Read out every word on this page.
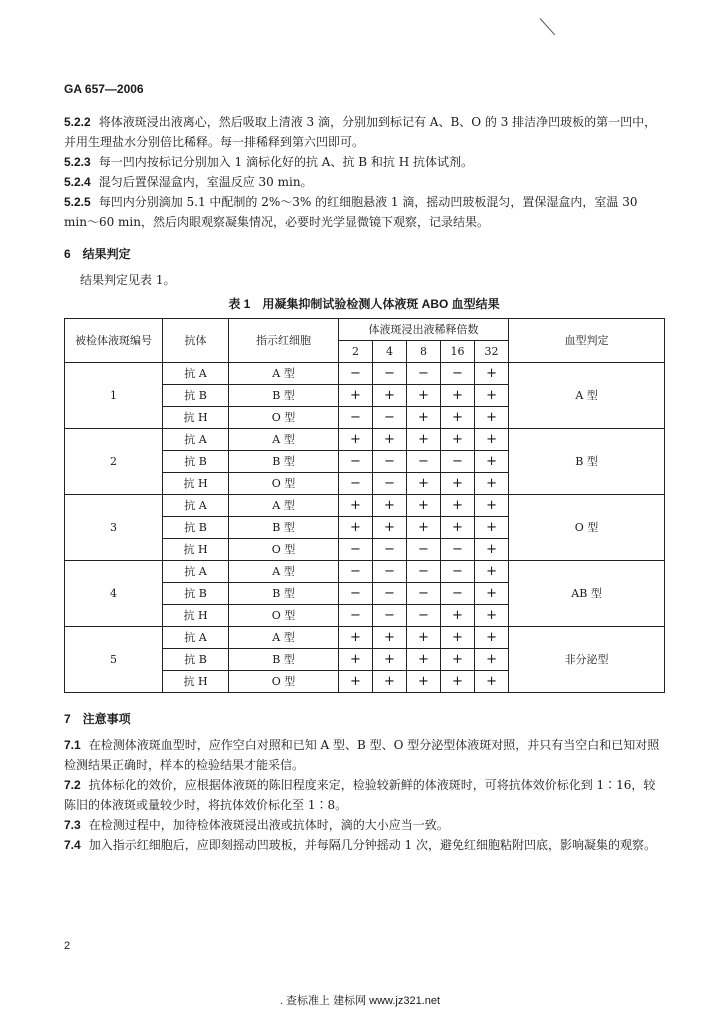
GA 657—2006

5.2.2 将体液斑浸出液离心，然后吸取上清液 3 滴，分别加到标记有 A、B、O 的 3 排洁净凹玻板的第一凹中，并用生理盐水分别倍比稀释。每一排稀释到第六凹即可。

5.2.3 每一凹内按标记分别加入 1 滴标化好的抗 A、抗 B 和抗 H 抗体试剂。

5.2.4 混匀后置保湿盒内，室温反应 30 min。

5.2.5 每凹内分别滴加 5.1 中配制的 2%～3% 的红细胞悬液 1 滴，摇动凹玻板混匀，置保湿盒内，室温 30 min～60 min，然后肉眼观察凝集情况，必要时光学显微镜下观察，记录结果。

6　结果判定

结果判定见表 1。

表 1　用凝集抑制试验检测人体液斑 ABO 血型结果
被检体液斑编号	抗体	指示红细胞	体液斑浸出液稀释倍数					血型判定
			2	4	8	16	32	
1	抗 A	A 型	−	−	−	−	+	A 型
	抗 B	B 型	+	+	+	+	+	
	抗 H	O 型	−	−	+	+	+	
2	抗 A	A 型	+	+	+	+	+	B 型
	抗 B	B 型	−	−	−	−	+	
	抗 H	O 型	−	−	+	+	+	
3	抗 A	A 型	+	+	+	+	+	O 型
	抗 B	B 型	+	+	+	+	+	
	抗 H	O 型	−	−	−	−	+	
4	抗 A	A 型	−	−	−	−	+	AB 型
	抗 B	B 型	−	−	−	−	+	
	抗 H	O 型	−	−	−	+	+	
5	抗 A	A 型	+	+	+	+	+	非分泌型
	抗 B	B 型	+	+	+	+	+	
	抗 H	O 型	+	+	+	+	+	
7　注意事项

7.1 在检测体液斑血型时，应作空白对照和已知 A 型、B 型、O 型分泌型体液斑对照，并只有当空白和已知对照检测结果正确时，样本的检验结果才能采信。

7.2 抗体标化的效价，应根据体液斑的陈旧程度来定，检验较新鲜的体液斑时，可将抗体效价标化到 1∶16，较陈旧的体液斑或量较少时，将抗体效价标化至 1∶8。

7.3 在检测过程中，加待检体液斑浸出液或抗体时，滴的大小应当一致。

7.4 加入指示红细胞后，应即刻摇动凹玻板，并每隔几分钟摇动 1 次，避免红细胞粘附凹底，影响凝集的观察。

2
. 查标准上 建标网 www.jz321.net
